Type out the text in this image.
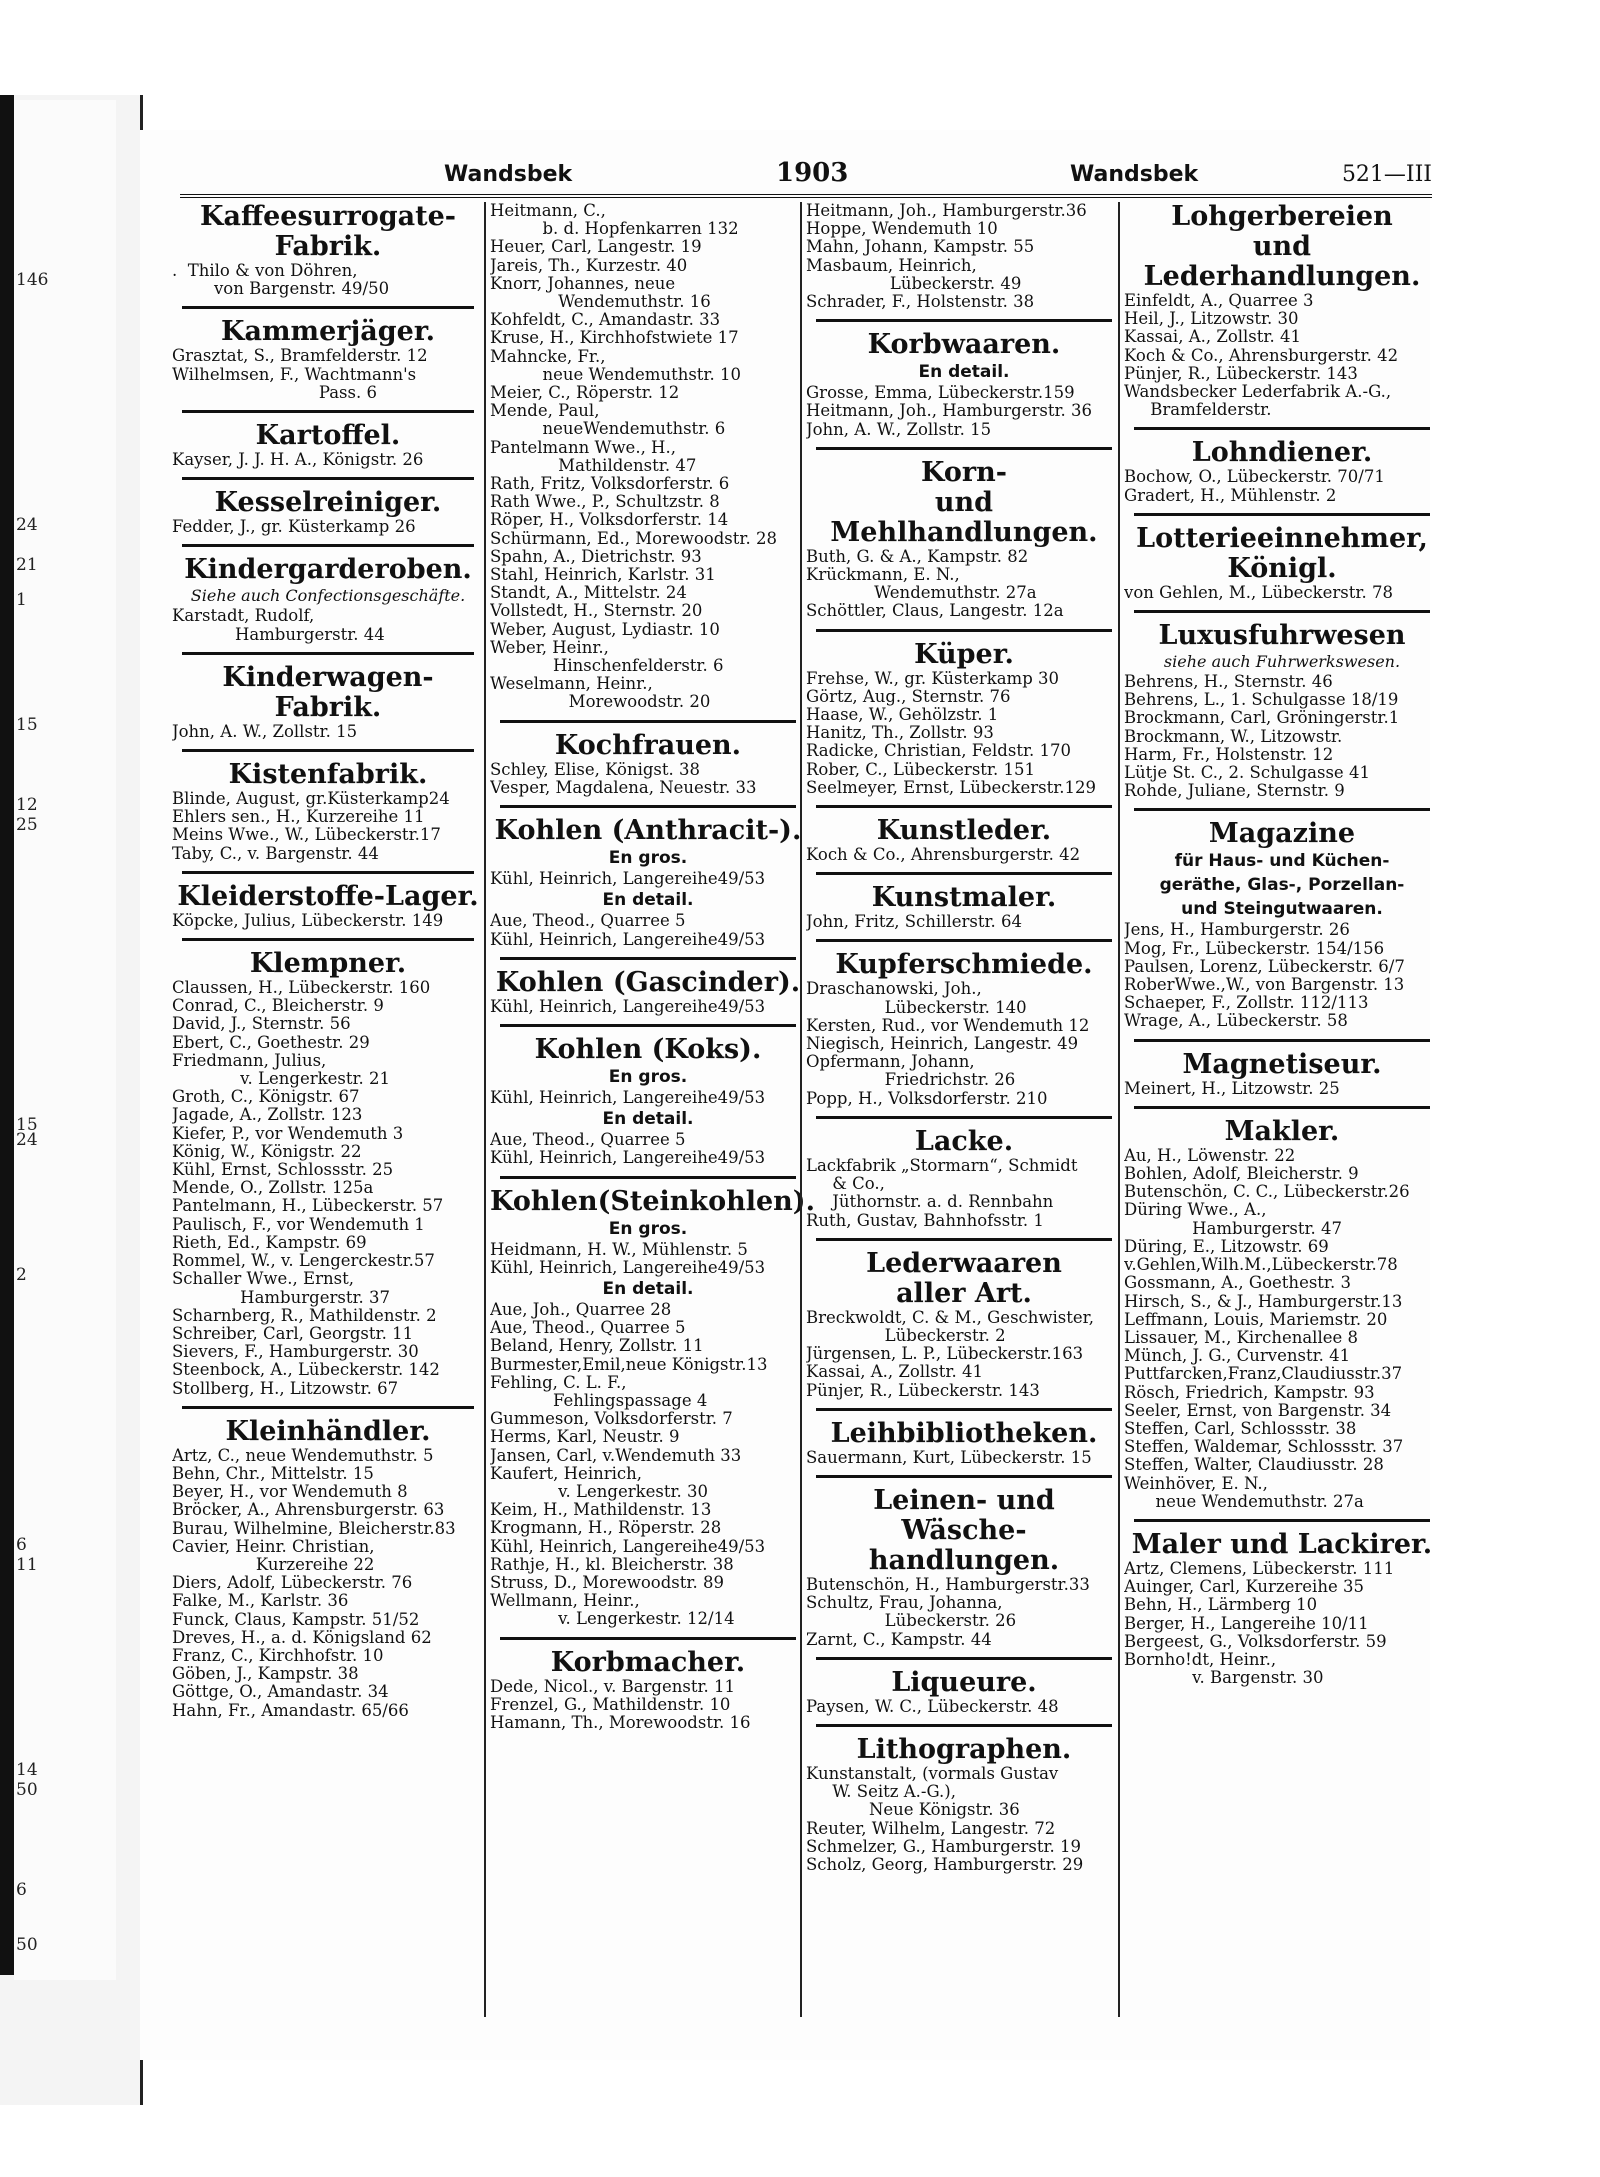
146
24
21
1
15
12
25
15
24
2
6
11
14
50
6
50
Wandsbek	1903	Wandsbek	521—III
Kaffeesurrogate-
Fabrik.
.  Thilo & von Döhren,
von Bargenstr. 49/50
Kammerjäger.
Grasztat, S., Bramfelderstr. 12
Wilhelmsen, F., Wachtmann's
Pass. 6
Kartoffel.
Kayser, J. J. H. A., Königstr. 26
Kesselreiniger.
Fedder, J., gr. Küsterkamp 26
Kindergarderoben.
Siehe auch Confectionsgeschäfte.
Karstadt, Rudolf,
Hamburgerstr. 44
Kinderwagen-Fabrik.
John, A. W., Zollstr. 15
Kistenfabrik.
Blinde, August, gr.Küsterkamp24
Ehlers sen., H., Kurzereihe 11
Meins Wwe., W., Lübeckerstr.17
Taby, C., v. Bargenstr. 44
Kleiderstoffe-Lager.
Köpcke, Julius, Lübeckerstr. 149
Klempner.
Claussen, H., Lübeckerstr. 160
Conrad, C., Bleicherstr. 9
David, J., Sternstr. 56
Ebert, C., Goethestr. 29
Friedmann, Julius,
v. Lengerkestr. 21
Groth, C., Königstr. 67
Jagade, A., Zollstr. 123
Kiefer, P., vor Wendemuth 3
König, W., Königstr. 22
Kühl, Ernst, Schlossstr. 25
Mende, O., Zollstr. 125a
Pantelmann, H., Lübeckerstr. 57
Paulisch, F., vor Wendemuth 1
Rieth, Ed., Kampstr. 69
Rommel, W., v. Lengerckestr.57
Schaller Wwe., Ernst,
Hamburgerstr. 37
Scharnberg, R., Mathildenstr. 2
Schreiber, Carl, Georgstr. 11
Sievers, F., Hamburgerstr. 30
Steenbock, A., Lübeckerstr. 142
Stollberg, H., Litzowstr. 67
Kleinhändler.
Artz, C., neue Wendemuthstr. 5
Behn, Chr., Mittelstr. 15
Beyer, H., vor Wendemuth 8
Bröcker, A., Ahrensburgerstr. 63
Burau, Wilhelmine, Bleicherstr.83
Cavier, Heinr. Christian,
Kurzereihe 22
Diers, Adolf, Lübeckerstr. 76
Falke, M., Karlstr. 36
Funck, Claus, Kampstr. 51/52
Dreves, H., a. d. Königsland 62
Franz, C., Kirchhofstr. 10
Göben, J., Kampstr. 38
Göttge, O., Amandastr. 34
Hahn, Fr., Amandastr. 65/66
Heitmann, C.,
b. d. Hopfenkarren 132
Heuer, Carl, Langestr. 19
Jareis, Th., Kurzestr. 40
Knorr, Johannes, neue
Wendemuthstr. 16
Kohfeldt, C., Amandastr. 33
Kruse, H., Kirchhofstwiete 17
Mahncke, Fr.,
neue Wendemuthstr. 10
Meier, C., Röperstr. 12
Mende, Paul,
neueWendemuthstr. 6
Pantelmann Wwe., H.,
Mathildenstr. 47
Rath, Fritz, Volksdorferstr. 6
Rath Wwe., P., Schultzstr. 8
Röper, H., Volksdorferstr. 14
Schürmann, Ed., Morewoodstr. 28
Spahn, A., Dietrichstr. 93
Stahl, Heinrich, Karlstr. 31
Standt, A., Mittelstr. 24
Vollstedt, H., Sternstr. 20
Weber, August, Lydiastr. 10
Weber, Heinr.,
Hinschenfelderstr. 6
Weselmann, Heinr.,
Morewoodstr. 20
Kochfrauen.
Schley, Elise, Königst. 38
Vesper, Magdalena, Neuestr. 33
Kohlen (Anthracit-).
En gros.
Kühl, Heinrich, Langereihe49/53
En detail.
Aue, Theod., Quarree 5
Kühl, Heinrich, Langereihe49/53
Kohlen (Gascinder).
Kühl, Heinrich, Langereihe49/53
Kohlen (Koks).
En gros.
Kühl, Heinrich, Langereihe49/53
En detail.
Aue, Theod., Quarree 5
Kühl, Heinrich, Langereihe49/53
Kohlen(Steinkohlen).
En gros.
Heidmann, H. W., Mühlenstr. 5
Kühl, Heinrich, Langereihe49/53
En detail.
Aue, Joh., Quarree 28
Aue, Theod., Quarree 5
Beland, Henry, Zollstr. 11
Burmester,Emil,neue Königstr.13
Fehling, C. L. F.,
Fehlingspassage 4
Gummeson, Volksdorferstr. 7
Herms, Karl, Neustr. 9
Jansen, Carl, v.Wendemuth 33
Kaufert, Heinrich,
v. Lengerkestr. 30
Keim, H., Mathildenstr. 13
Krogmann, H., Röperstr. 28
Kühl, Heinrich, Langereihe49/53
Rathje, H., kl. Bleicherstr. 38
Struss, D., Morewoodstr. 89
Wellmann, Heinr.,
v. Lengerkestr. 12/14
Korbmacher.
Dede, Nicol., v. Bargenstr. 11
Frenzel, G., Mathildenstr. 10
Hamann, Th., Morewoodstr. 16
Heitmann, Joh., Hamburgerstr.36
Hoppe, Wendemuth 10
Mahn, Johann, Kampstr. 55
Masbaum, Heinrich,
Lübeckerstr. 49
Schrader, F., Holstenstr. 38
Korbwaaren.
En detail.
Grosse, Emma, Lübeckerstr.159
Heitmann, Joh., Hamburgerstr. 36
John, A. W., Zollstr. 15
Korn-
und Mehlhandlungen.
Buth, G. & A., Kampstr. 82
Krückmann, E. N.,
Wendemuthstr. 27a
Schöttler, Claus, Langestr. 12a
Küper.
Frehse, W., gr. Küsterkamp 30
Görtz, Aug., Sternstr. 76
Haase, W., Gehölzstr. 1
Hanitz, Th., Zollstr. 93
Radicke, Christian, Feldstr. 170
Rober, C., Lübeckerstr. 151
Seelmeyer, Ernst, Lübeckerstr.129
Kunstleder.
Koch & Co., Ahrensburgerstr. 42
Kunstmaler.
John, Fritz, Schillerstr. 64
Kupferschmiede.
Draschanowski, Joh.,
Lübeckerstr. 140
Kersten, Rud., vor Wendemuth 12
Niegisch, Heinrich, Langestr. 49
Opfermann, Johann,
Friedrichstr. 26
Popp, H., Volksdorferstr. 210
Lacke.
Lackfabrik „Stormarn“, Schmidt
& Co.,
Jüthornstr. a. d. Rennbahn
Ruth, Gustav, Bahnhofsstr. 1
Lederwaaren
aller Art.
Breckwoldt, C. & M., Geschwister,
Lübeckerstr. 2
Jürgensen, L. P., Lübeckerstr.163
Kassai, A., Zollstr. 41
Pünjer, R., Lübeckerstr. 143
Leihbibliotheken.
Sauermann, Kurt, Lübeckerstr. 15
Leinen- und Wäsche-
handlungen.
Butenschön, H., Hamburgerstr.33
Schultz, Frau, Johanna,
Lübeckerstr. 26
Zarnt, C., Kampstr. 44
Liqueure.
Paysen, W. C., Lübeckerstr. 48
Lithographen.
Kunstanstalt, (vormals Gustav
W. Seitz A.-G.),
Neue Königstr. 36
Reuter, Wilhelm, Langestr. 72
Schmelzer, G., Hamburgerstr. 19
Scholz, Georg, Hamburgerstr. 29
Lohgerbereien
und
Lederhandlungen.
Einfeldt, A., Quarree 3
Heil, J., Litzowstr. 30
Kassai, A., Zollstr. 41
Koch & Co., Ahrensburgerstr. 42
Pünjer, R., Lübeckerstr. 143
Wandsbecker Lederfabrik A.-G.,
Bramfelderstr.
Lohndiener.
Bochow, O., Lübeckerstr. 70/71
Gradert, H., Mühlenstr. 2
Lotterieeinnehmer,
Königl.
von Gehlen, M., Lübeckerstr. 78
Luxusfuhrwesen
siehe auch Fuhrwerkswesen.
Behrens, H., Sternstr. 46
Behrens, L., 1. Schulgasse 18/19
Brockmann, Carl, Gröningerstr.1
Brockmann, W., Litzowstr.
Harm, Fr., Holstenstr. 12
Lütje St. C., 2. Schulgasse 41
Rohde, Juliane, Sternstr. 9
Magazine
für Haus- und Küchen-
geräthe, Glas-, Porzellan-
und Steingutwaaren.
Jens, H., Hamburgerstr. 26
Mog, Fr., Lübeckerstr. 154/156
Paulsen, Lorenz, Lübeckerstr. 6/7
RoberWwe.,W., von Bargenstr. 13
Schaeper, F., Zollstr. 112/113
Wrage, A., Lübeckerstr. 58
Magnetiseur.
Meinert, H., Litzowstr. 25
Makler.
Au, H., Löwenstr. 22
Bohlen, Adolf, Bleicherstr. 9
Butenschön, C. C., Lübeckerstr.26
Düring Wwe., A.,
Hamburgerstr. 47
Düring, E., Litzowstr. 69
v.Gehlen,Wilh.M.,Lübeckerstr.78
Gossmann, A., Goethestr. 3
Hirsch, S., & J., Hamburgerstr.13
Leffmann, Louis, Mariemstr. 20
Lissauer, M., Kirchenallee 8
Münch, J. G., Curvenstr. 41
Puttfarcken,Franz,Claudiusstr.37
Rösch, Friedrich, Kampstr. 93
Seeler, Ernst, von Bargenstr. 34
Steffen, Carl, Schlossstr. 38
Steffen, Waldemar, Schlossstr. 37
Steffen, Walter, Claudiusstr. 28
Weinhöver, E. N.,
neue Wendemuthstr. 27a
Maler und Lackirer.
Artz, Clemens, Lübeckerstr. 111
Auinger, Carl, Kurzereihe 35
Behn, H., Lärmberg 10
Berger, H., Langereihe 10/11
Bergeest, G., Volksdorferstr. 59
Bornho!dt, Heinr.,
v. Bargenstr. 30
